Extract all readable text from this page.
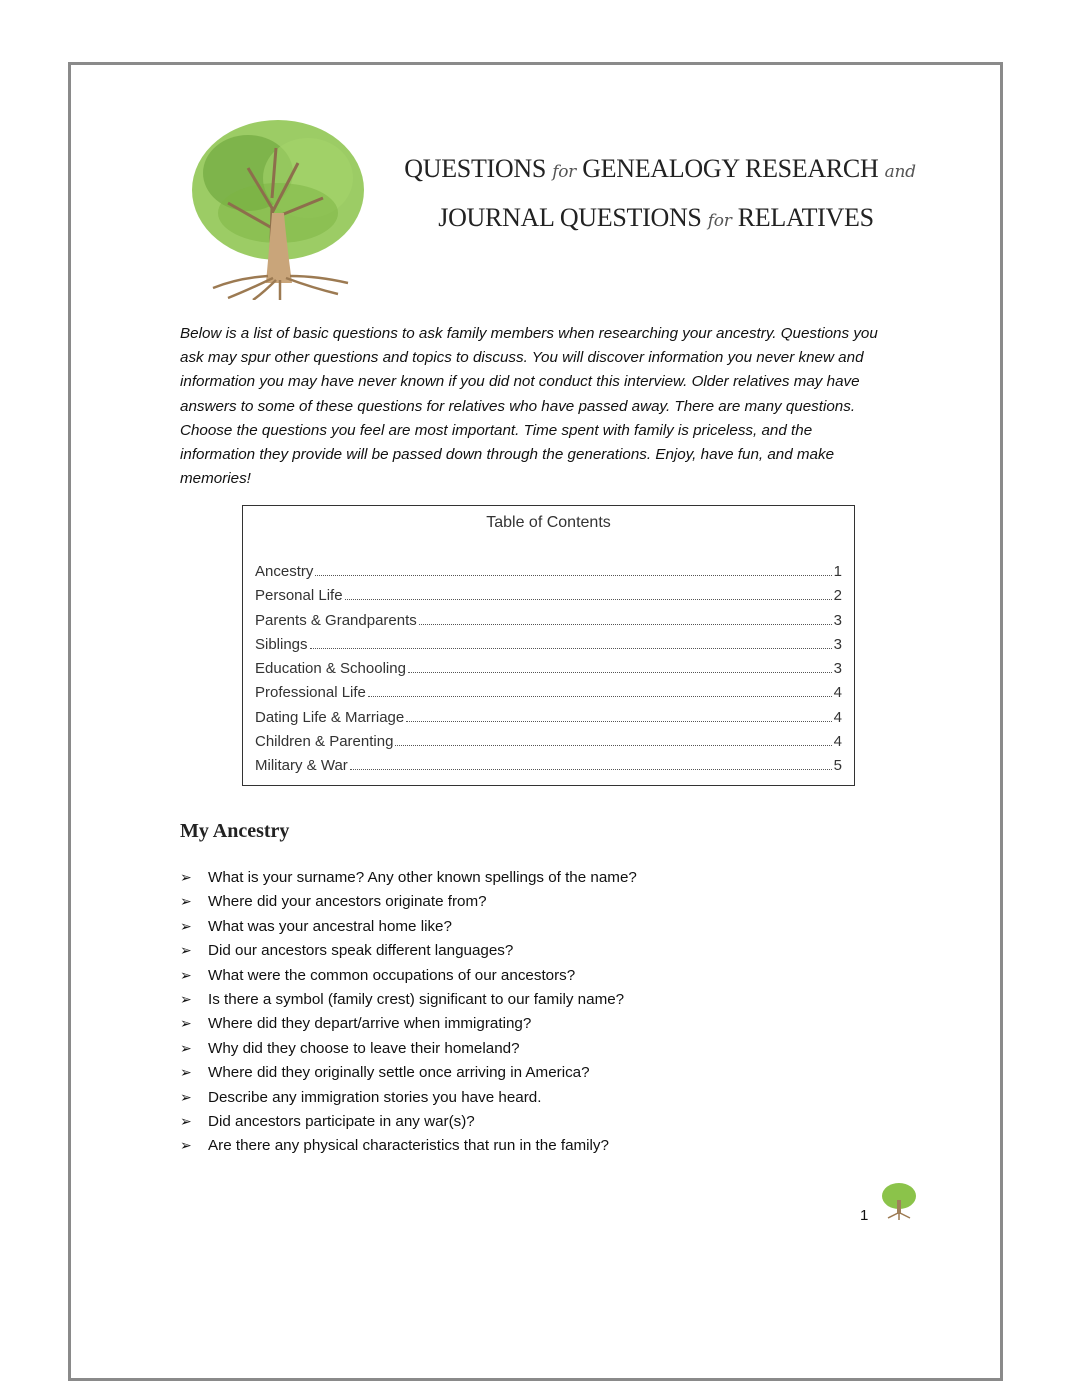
QUESTIONS for GENEALOGY RESEARCH and
JOURNAL QUESTIONS for RELATIVES
Below is a list of basic questions to ask family members when researching your ancestry. Questions you
ask may spur other questions and topics to discuss. You will discover information you never knew and
information you may have never known if you did not conduct this interview. Older relatives may have
answers to some of these questions for relatives who have passed away. There are many questions.
Choose the questions you feel are most important. Time spent with family is priceless, and the
information they provide will be passed down through the generations. Enjoy, have fun, and make
memories!
Table of Contents
Ancestry	1
Personal Life	2
Parents & Grandparents	3
Siblings	3
Education & Schooling	3
Professional Life	4
Dating Life & Marriage	4
Children & Parenting	4
Military & War	5
My Ancestry
➢	What is your surname? Any other known spellings of the name?
➢	Where did your ancestors originate from?
➢	What was your ancestral home like?
➢	Did our ancestors speak different languages?
➢	What were the common occupations of our ancestors?
➢	Is there a symbol (family crest) significant to our family name?
➢	Where did they depart/arrive when immigrating?
➢	Why did they choose to leave their homeland?
➢	Where did they originally settle once arriving in America?
➢	Describe any immigration stories you have heard.
➢	Did ancestors participate in any war(s)?
➢	Are there any physical characteristics that run in the family?
1
